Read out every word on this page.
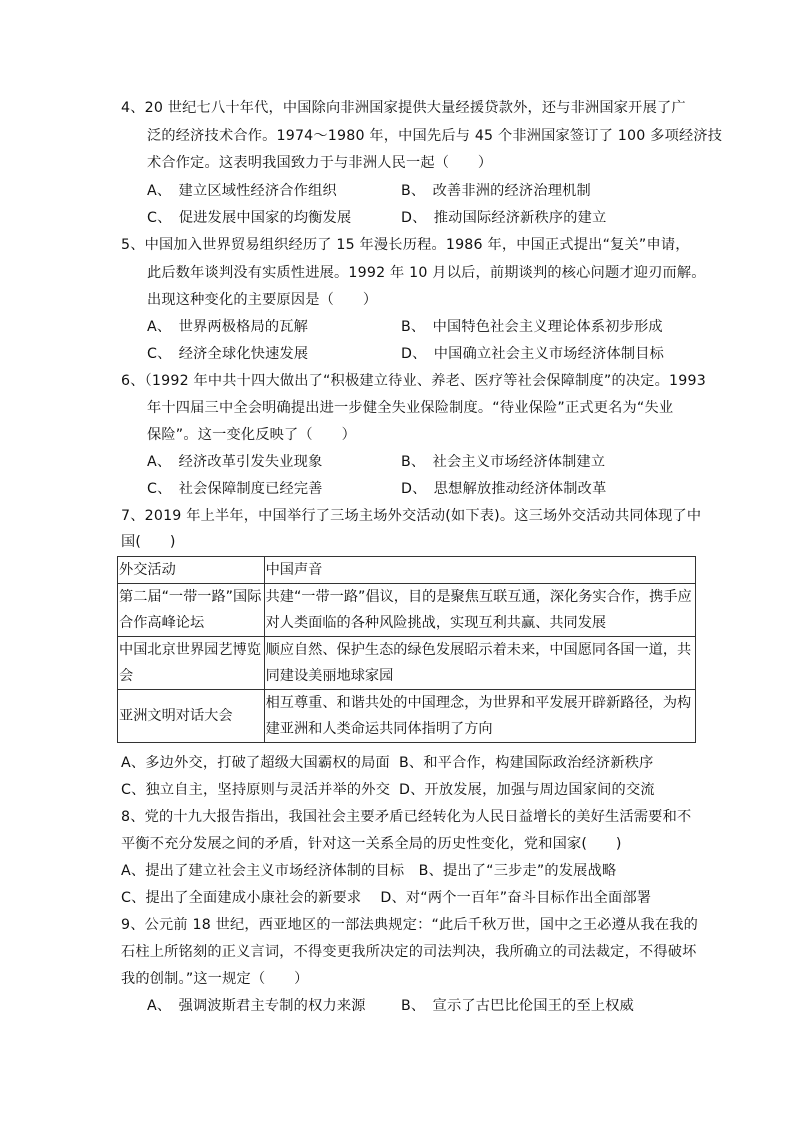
4、20 世纪七八十年代，中国除向非洲国家提供大量经援贷款外，还与非洲国家开展了广
泛的经济技术合作。1974～1980 年，中国先后与 45 个非洲国家签订了 100 多项经济技
术合作定。这表明我国致力于与非洲人民一起（　　）
A、　建立区域性经济合作组织	B、　改善非洲的经济治理机制
C、　促进发展中国家的均衡发展	D、　推动国际经济新秩序的建立
5、中国加入世界贸易组织经历了 15 年漫长历程。1986 年，中国正式提出“复关”申请，
此后数年谈判没有实质性进展。1992 年 10 月以后，前期谈判的核心问题才迎刃而解。
出现这种变化的主要原因是（　　）
A、　世界两极格局的瓦解	B、　中国特色社会主义理论体系初步形成
C、　经济全球化快速发展	D、　中国确立社会主义市场经济体制目标
6、（1992 年中共十四大做出了“积极建立待业、养老、医疗等社会保障制度”的决定。1993
年十四届三中全会明确提出进一步健全失业保险制度。“待业保险”正式更名为“失业
保险”。这一变化反映了（　　）
A、　经济改革引发失业现象	B、　社会主义市场经济体制建立
C、　社会保障制度已经完善	D、　思想解放推动经济体制改革
7、2019 年上半年，中国举行了三场主场外交活动(如下表)。这三场外交活动共同体现了中
国(　　)
外交活动	中国声音
第二届“一带一路”国际合作高峰论坛	共建“一带一路”倡议，目的是聚焦互联互通，深化务实合作，携手应对人类面临的各种风险挑战，实现互利共赢、共同发展
中国北京世界园艺博览会	顺应自然、保护生态的绿色发展昭示着未来，中国愿同各国一道，共同建设美丽地球家园
亚洲文明对话大会	相互尊重、和谐共处的中国理念，为世界和平发展开辟新路径，为构建亚洲和人类命运共同体指明了方向
A、多边外交，打破了超级大国霸权的局面 B、和平合作，构建国际政治经济新秩序
C、独立自主，坚持原则与灵活并举的外交 D、开放发展，加强与周边国家间的交流
8、党的十九大报告指出，我国社会主要矛盾已经转化为人民日益增长的美好生活需要和不
平衡不充分发展之间的矛盾，针对这一关系全局的历史性变化，党和国家(　　)
A、提出了建立社会主义市场经济体制的目标　B、提出了“三步走”的发展战略
C、提出了全面建成小康社会的新要求　 D、对“两个一百年”奋斗目标作出全面部署
9、公元前 18 世纪，西亚地区的一部法典规定：“此后千秋万世，国中之王必遵从我在我的
石柱上所铭刻的正义言词，不得变更我所决定的司法判决，我所确立的司法裁定，不得破坏
我的创制。”这一规定（　　）
A、　强调波斯君主专制的权力来源 B、　宣示了古巴比伦国王的至上权威
